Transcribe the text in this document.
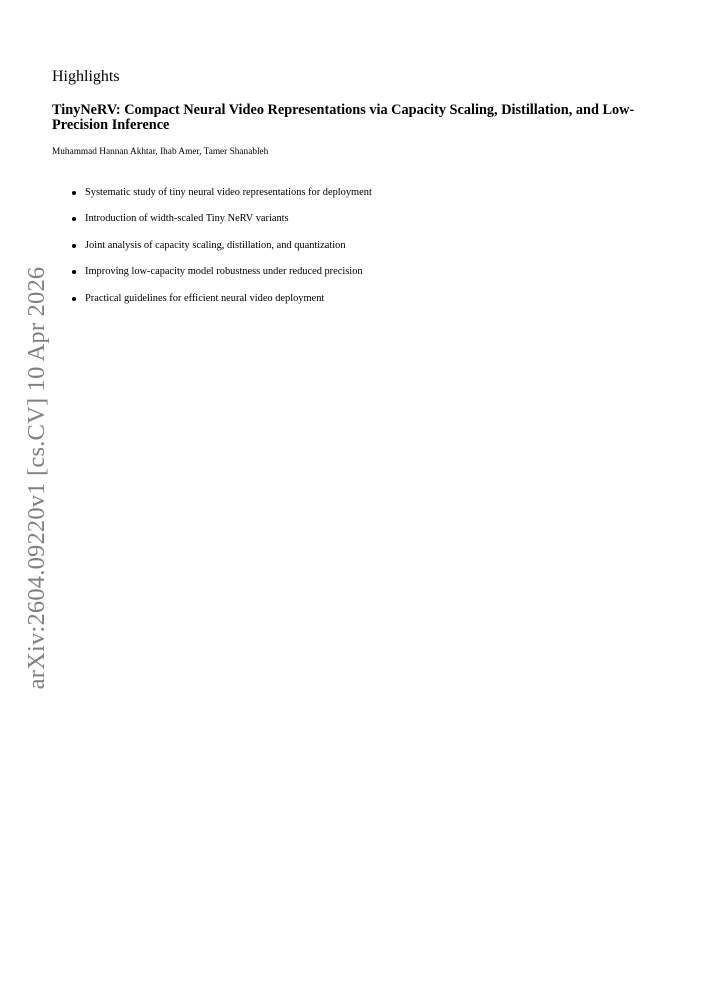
arXiv:2604.09220v1 [cs.CV] 10 Apr 2026
Highlights
TinyNeRV: Compact Neural Video Representations via Capacity Scaling, Distillation, and Low-Precision Inference

Muhammad Hannan Akhtar, Ihab Amer, Tamer Shanableh

Systematic study of tiny neural video representations for deployment
Introduction of width-scaled Tiny NeRV variants
Joint analysis of capacity scaling, distillation, and quantization
Improving low-capacity model robustness under reduced precision
Practical guidelines for efficient neural video deployment
